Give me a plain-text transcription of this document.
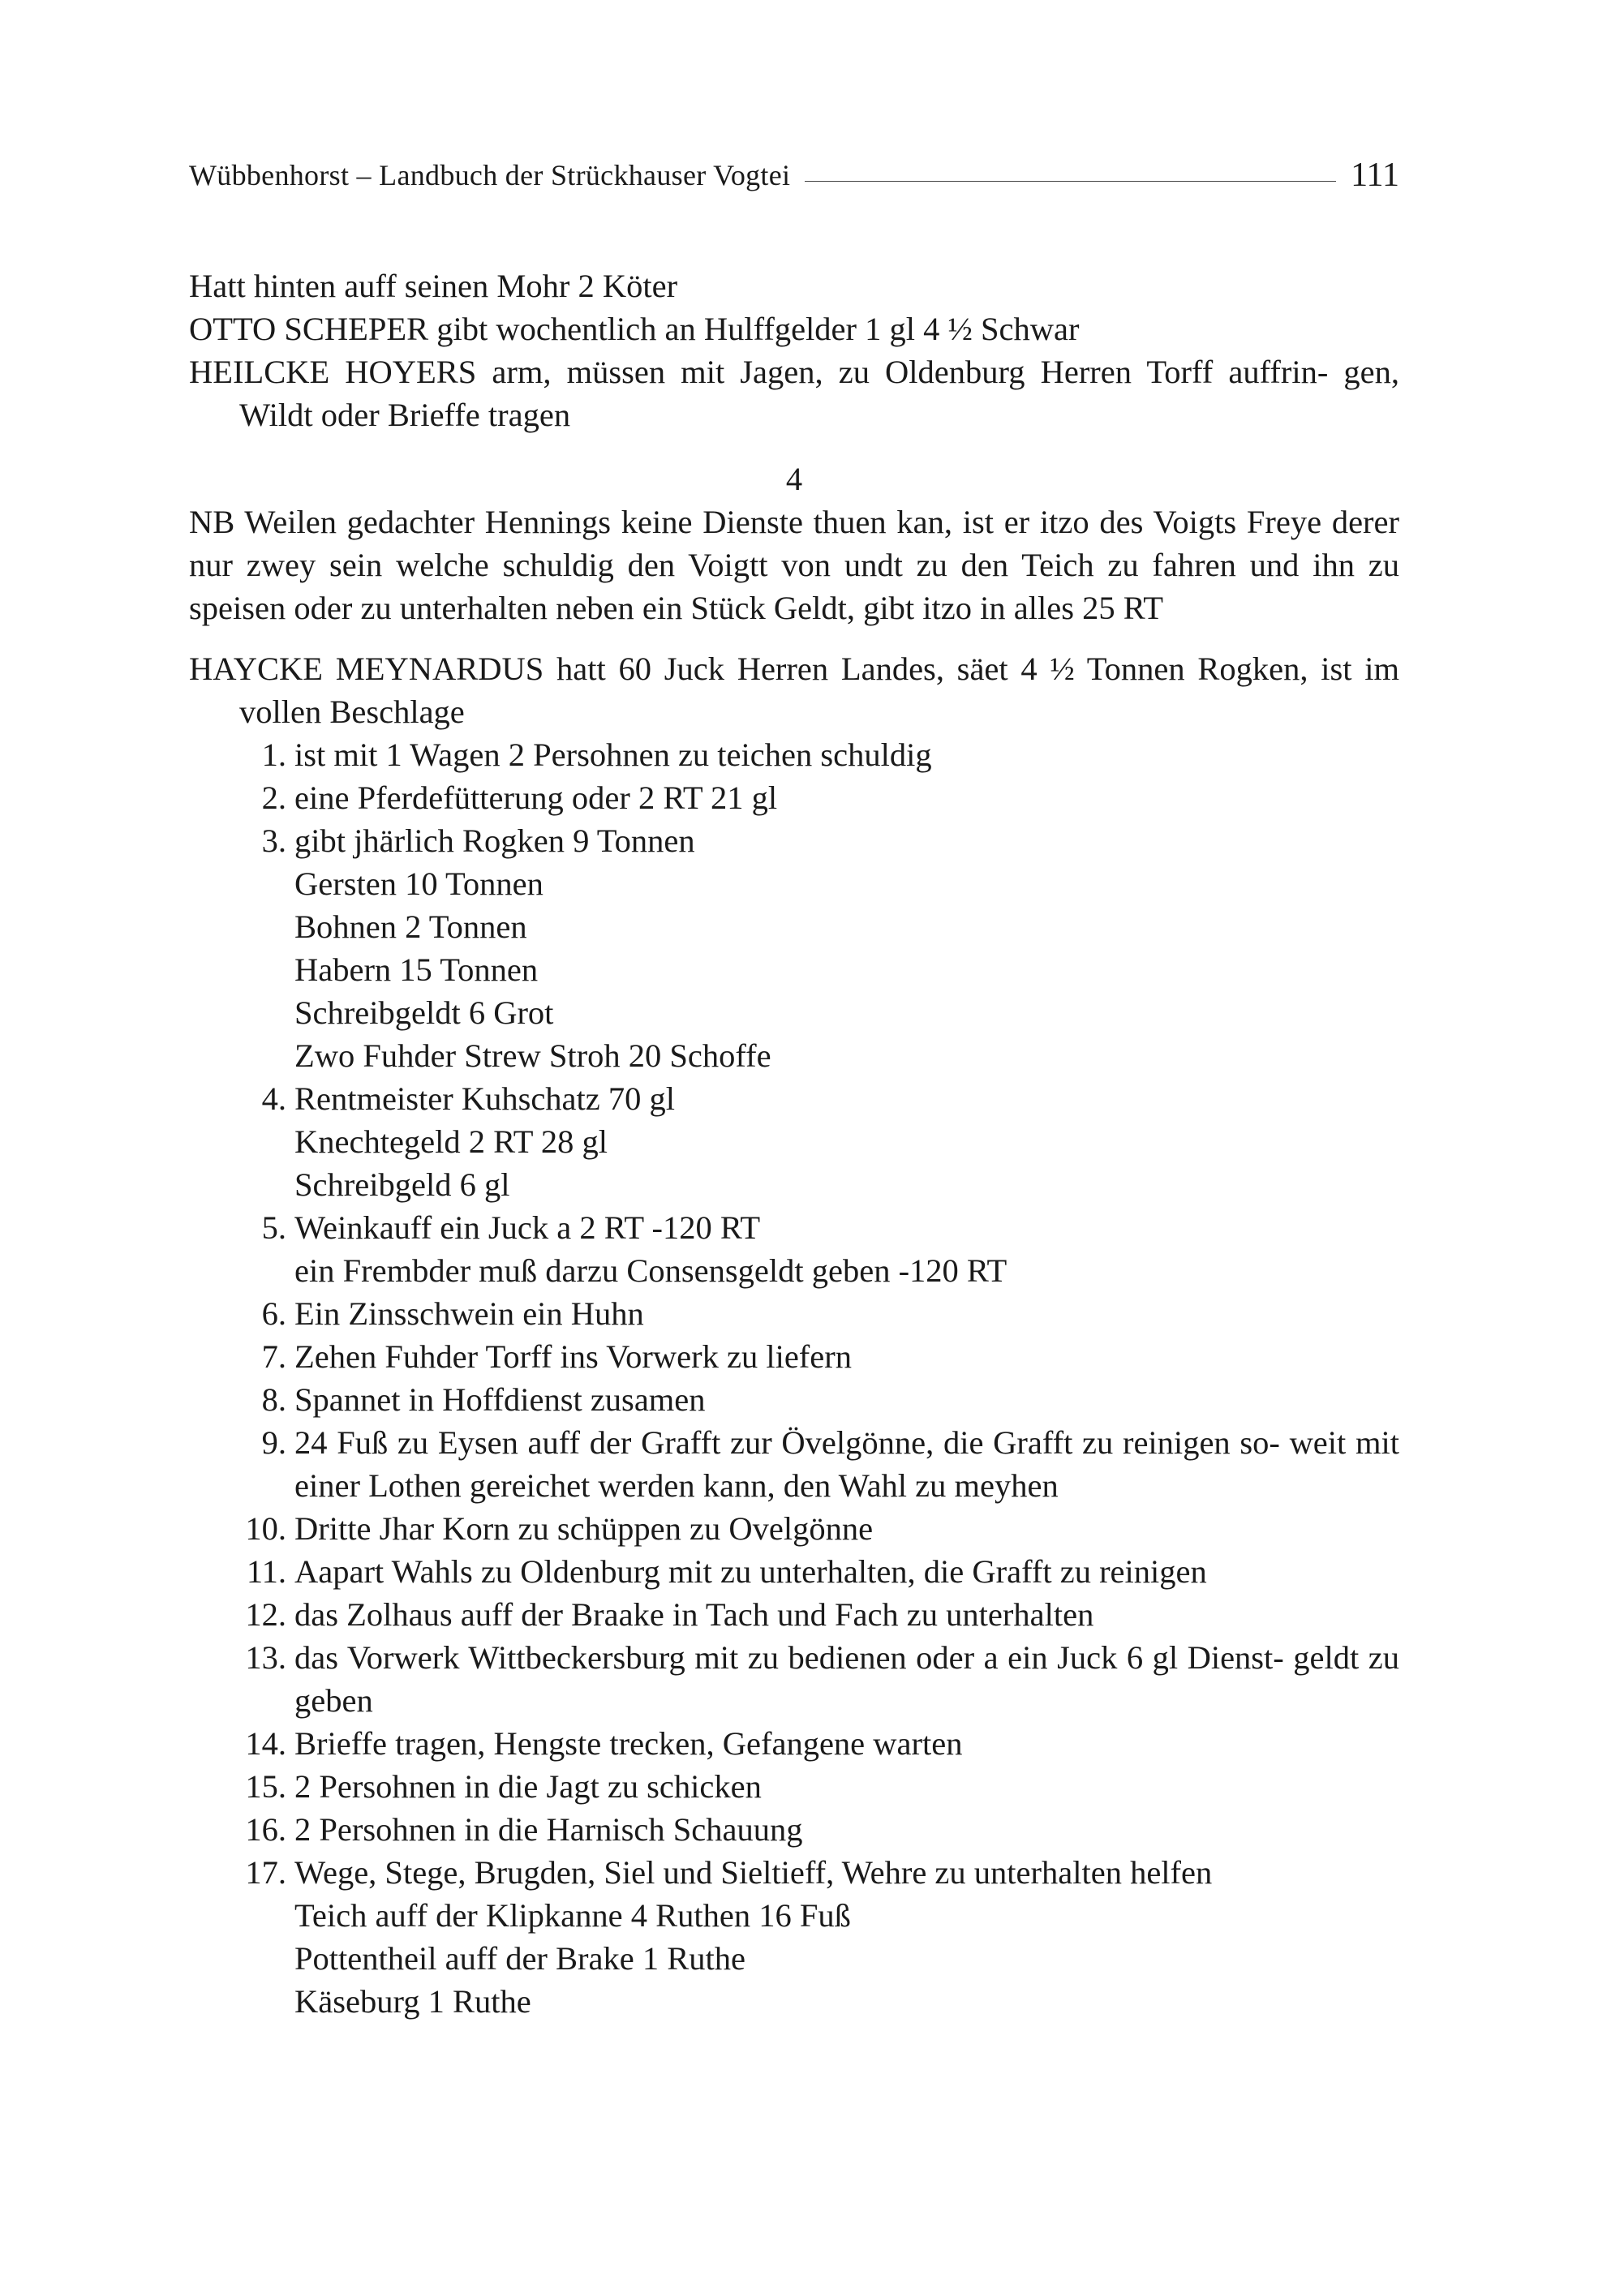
Wübbenhorst – Landbuch der Strückhauser Vogtei	111

Hatt hinten auff seinen Mohr 2 Köter

OTTO SCHEPER gibt wochentlich an Hulffgelder 1 gl 4 ½ Schwar

HEILCKE HOYERS arm, müssen mit Jagen, zu Oldenburg Herren Torff auffrin- gen, Wildt oder Brieffe tragen

4

NB Weilen gedachter Hennings keine Dienste thuen kan, ist er itzo des Voigts Freye derer nur zwey sein welche schuldig den Voigtt von undt zu den Teich zu fahren und ihn zu speisen oder zu unterhalten neben ein Stück Geldt, gibt itzo in alles 25 RT

HAYCKE MEYNARDUS hatt 60 Juck Herren Landes, säet 4 ½ Tonnen Rogken, ist im vollen Beschlage

1. ist mit 1 Wagen 2 Persohnen zu teichen schuldig
2. eine Pferdefütterung oder 2 RT 21 gl
3. gibt jhärlich Rogken 9 Tonnen
Gersten 10 Tonnen
Bohnen 2 Tonnen
Habern 15 Tonnen
Schreibgeldt 6 Grot
Zwo Fuhder Strew Stroh 20 Schoffe
4. Rentmeister Kuhschatz 70 gl
Knechtegeld 2 RT 28 gl
Schreibgeld 6 gl
5. Weinkauff ein Juck a 2 RT -120 RT
ein Frembder muß darzu Consensgeldt geben -120 RT
6. Ein Zinsschwein ein Huhn
7. Zehen Fuhder Torff ins Vorwerk zu liefern
8. Spannet in Hoffdienst zusamen
9. 24 Fuß zu Eysen auff der Grafft zur Övelgönne, die Grafft zu reinigen so- weit mit einer Lothen gereichet werden kann, den Wahl zu meyhen
10. Dritte Jhar Korn zu schüppen zu Ovelgönne
11. Aapart Wahls zu Oldenburg mit zu unterhalten, die Grafft zu reinigen
12. das Zolhaus auff der Braake in Tach und Fach zu unterhalten
13. das Vorwerk Wittbeckersburg mit zu bedienen oder a ein Juck 6 gl Dienst- geldt zu geben
14. Brieffe tragen, Hengste trecken, Gefangene warten
15. 2 Persohnen in die Jagt zu schicken
16. 2 Persohnen in die Harnisch Schauung
17. Wege, Stege, Brugden, Siel und Sieltieff, Wehre zu unterhalten helfen
Teich auff der Klipkanne 4 Ruthen 16 Fuß
Pottentheil auff der Brake 1 Ruthe
Käseburg 1 Ruthe
